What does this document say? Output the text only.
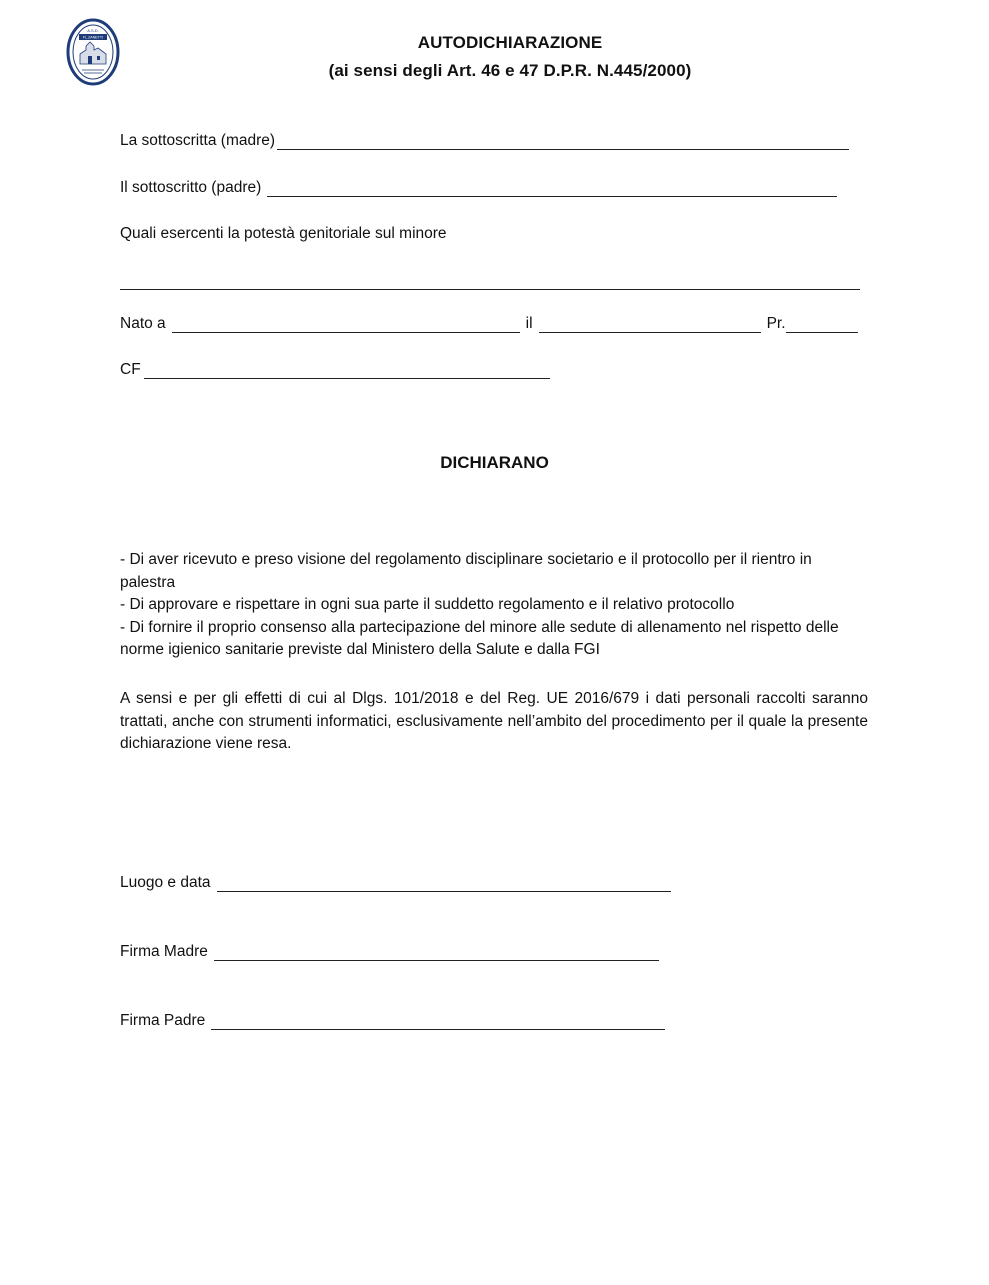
A.S.D.
FL.ZANETTI	AUTODICHIARAZIONE
(ai sensi degli Art. 46 e 47 D.P.R. N.445/2000)
La sottoscritta (madre)
Il sottoscritto (padre)
Quali esercenti la potestà genitoriale sul minore
Nato a	il	Pr.
CF
DICHIARANO

- Di aver ricevuto e preso visione del regolamento disciplinare societario e il protocollo per il rientro in palestra

- Di approvare e rispettare in ogni sua parte il suddetto regolamento e il relativo protocollo

- Di fornire il proprio consenso alla partecipazione del minore alle sedute di allenamento nel rispetto delle norme igienico sanitarie previste dal Ministero della Salute e dalla FGI

A sensi e per gli effetti di cui al Dlgs. 101/2018 e del Reg. UE 2016/679 i dati personali raccolti saranno trattati, anche con strumenti informatici, esclusivamente nell’ambito del procedimento per il quale la presente dichiarazione viene resa.
Luogo e data
Firma Madre
Firma Padre
